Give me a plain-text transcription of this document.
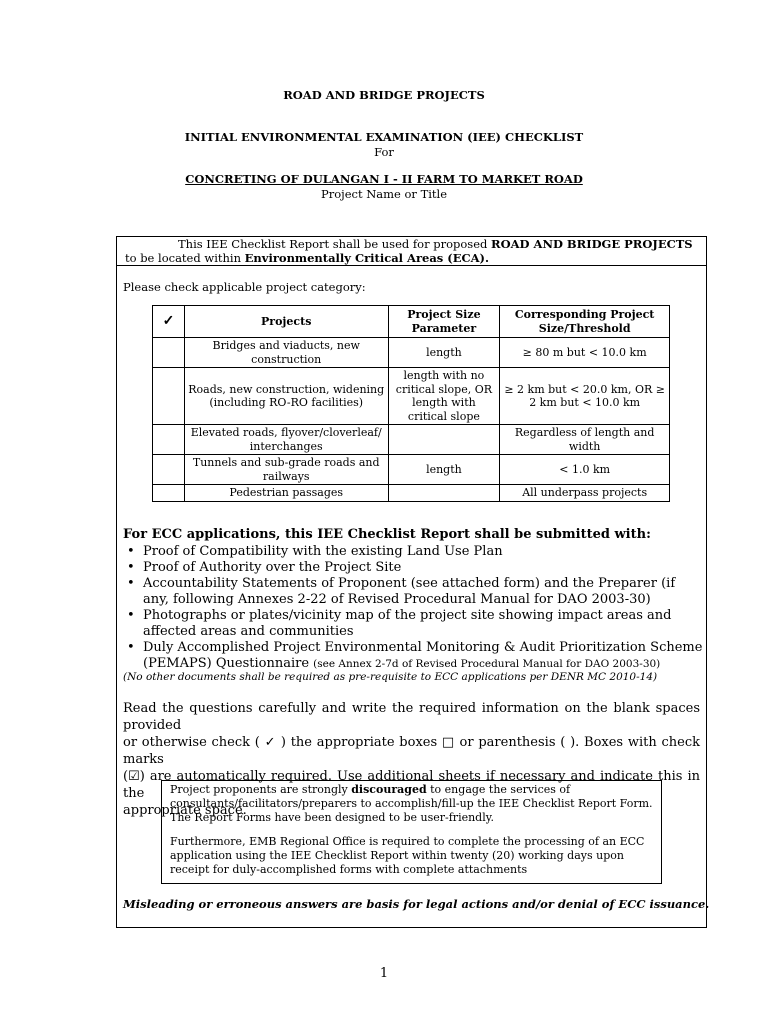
ROAD AND BRIDGE PROJECTS
INITIAL ENVIRONMENTAL EXAMINATION (IEE) CHECKLIST
For
CONCRETING OF DULANGAN I - II FARM TO MARKET ROAD
Project Name or Title
This IEE Checklist Report shall be used for proposed ROAD AND BRIDGE PROJECTS
to be located within Environmentally Critical Areas (ECA).
Please check applicable project category:
✓	Projects	Project Size Parameter	Corresponding Project Size/Threshold
	Bridges and viaducts, new construction	length	≥ 80 m but < 10.0 km
	Roads, new construction, widening (including RO-RO facilities)	length with no critical slope, OR length with critical slope	≥ 2 km but < 20.0 km, OR ≥ 2 km but < 10.0 km
	Elevated roads, flyover/cloverleaf/ interchanges		Regardless of length and width
	Tunnels and sub-grade roads and railways	length	< 1.0 km
	Pedestrian passages		All underpass projects
For ECC applications, this IEE Checklist Report shall be submitted with:
• Proof of Compatibility with the existing Land Use Plan
• Proof of Authority over the Project Site
• Accountability Statements of Proponent (see attached form) and the Preparer (if any, following Annexes 2-22 of Revised Procedural Manual for DAO 2003-30)
• Photographs or plates/vicinity map of the project site showing impact areas and affected areas and communities
• Duly Accomplished Project Environmental Monitoring & Audit Prioritization Scheme (PEMAPS) Questionnaire (see Annex 2-7d of Revised Procedural Manual for DAO 2003-30)
(No other documents shall be required as pre-requisite to ECC applications per DENR MC 2010-14)
Read the questions carefully and write the required information on the blank spaces provided
or otherwise check ( ✓ ) the appropriate boxes □ or parenthesis ( ). Boxes with check marks
(☑) are automatically required. Use additional sheets if necessary and indicate this in the
appropriate space.

Project proponents are strongly discouraged to engage the services of consultants/facilitators/preparers to accomplish/fill-up the IEE Checklist Report Form. The Report Forms have been designed to be user-friendly.

Furthermore, EMB Regional Office is required to complete the processing of an ECC application using the IEE Checklist Report within twenty (20) working days upon receipt for duly-accomplished forms with complete attachments

Misleading or erroneous answers are basis for legal actions and/or denial of ECC issuance.
1
